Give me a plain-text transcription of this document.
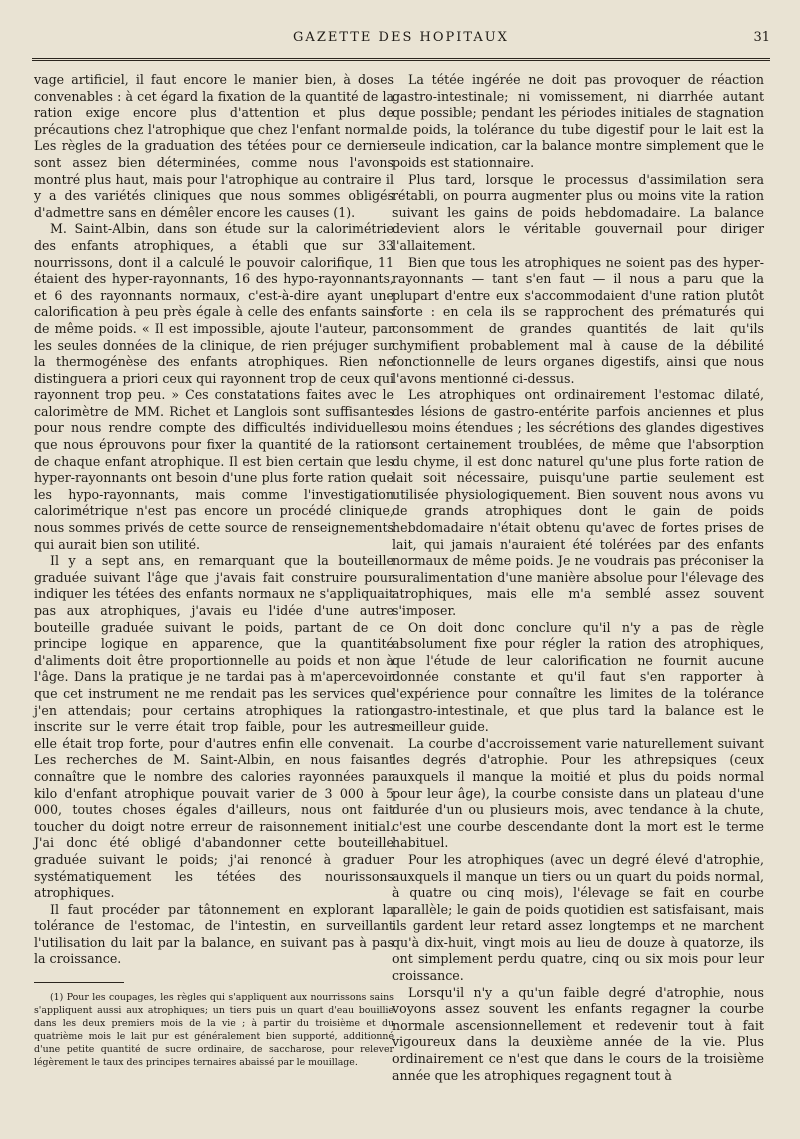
GAZETTE DES HOPITAUX	31

vage artificiel, il faut encore le manier bien, à doses convenables : à cet égard la fixation de la quantité de la ration exige encore plus d'attention et plus de précautions chez l'atrophique que chez l'enfant normal. Les règles de la graduation des tétées pour ce dernier sont assez bien déterminées, comme nous l'avons montré plus haut, mais pour l'atrophique au contraire il y a des variétés cliniques que nous sommes obligés d'admettre sans en démêler encore les causes (1).

M. Saint-Albin, dans son étude sur la calorimétrie des enfants atrophiques, a établi que sur 33 nourrissons, dont il a calculé le pouvoir calorifique, 11 étaient des hyper-rayonnants, 16 des hypo-rayonnants, et 6 des rayonnants normaux, c'est-à-dire ayant une calorification à peu près égale à celle des enfants sains de même poids. « Il est impossible, ajoute l'auteur, par les seules données de la clinique, de rien préjuger sur la thermogénèse des enfants atrophiques. Rien ne distinguera a priori ceux qui rayonnent trop de ceux qui rayonnent trop peu. » Ces constatations faites avec le calorimètre de MM. Richet et Langlois sont suffisantes pour nous rendre compte des difficultés individuelles que nous éprouvons pour fixer la quantité de la ration de chaque enfant atrophique. Il est bien certain que les hyper-rayonnants ont besoin d'une plus forte ration que les hypo-rayonnants, mais comme l'investigation calorimétrique n'est pas encore un procédé clinique, nous sommes privés de cette source de renseignements qui aurait bien son utilité.

Il y a sept ans, en remarquant que la bouteille graduée suivant l'âge que j'avais fait construire pour indiquer les tétées des enfants normaux ne s'appliquait pas aux atrophiques, j'avais eu l'idée d'une autre bouteille graduée suivant le poids, partant de ce principe logique en apparence, que la quantité d'aliments doit être proportionnelle au poids et non à l'âge. Dans la pratique je ne tardai pas à m'apercevoir que cet instrument ne me rendait pas les services que j'en attendais; pour certains atrophiques la ration inscrite sur le verre était trop faible, pour les autres elle était trop forte, pour d'autres enfin elle convenait. Les recherches de M. Saint-Albin, en nous faisant connaître que le nombre des calories rayonnées par kilo d'enfant atrophique pouvait varier de 3 000 à 5 000, toutes choses égales d'ailleurs, nous ont fait toucher du doigt notre erreur de raisonnement initial. J'ai donc été obligé d'abandonner cette bouteille graduée suivant le poids; j'ai renoncé à graduer systématiquement les tétées des nourissons atrophiques.

Il faut procéder par tâtonnement en explorant la tolérance de l'estomac, de l'intestin, en surveillant l'utilisation du lait par la balance, en suivant pas à pas la croissance.

(1) Pour les coupages, les règles qui s'appliquent aux nourrissons sains s'appliquent aussi aux atrophiques; un tiers puis un quart d'eau bouillie dans les deux premiers mois de la vie ; à partir du troisième et du quatrième mois le lait pur est généralement bien supporté, additionné d'une petite quantité de sucre ordinaire, de saccharose, pour relever légèrement le taux des principes ternaires abaissé par le mouillage.

La tétée ingérée ne doit pas provoquer de réaction gastro-intestinale; ni vomissement, ni diarrhée autant que possible; pendant les périodes initiales de stagnation de poids, la tolérance du tube digestif pour le lait est la seule indication, car la balance montre simplement que le poids est stationnaire.

Plus tard, lorsque le processus d'assimilation sera rétabli, on pourra augmenter plus ou moins vite la ration suivant les gains de poids hebdomadaire. La balance devient alors le véritable gouvernail pour diriger l'allaitement.

Bien que tous les atrophiques ne soient pas des hyper-rayonnants — tant s'en faut — il nous a paru que la plupart d'entre eux s'accommodaient d'une ration plutôt forte : en cela ils se rapprochent des prématurés qui consomment de grandes quantités de lait qu'ils chymifient probablement mal à cause de la débilité fonctionnelle de leurs organes digestifs, ainsi que nous l'avons mentionné ci-dessus.

Les atrophiques ont ordinairement l'estomac dilaté, des lésions de gastro-entérite parfois anciennes et plus ou moins étendues ; les sécrétions des glandes digestives sont certainement troublées, de même que l'absorption du chyme, il est donc naturel qu'une plus forte ration de lait soit nécessaire, puisqu'une partie seulement est utilisée physiologiquement. Bien souvent nous avons vu de grands atrophiques dont le gain de poids hebdomadaire n'était obtenu qu'avec de fortes prises de lait, qui jamais n'auraient été tolérées par des enfants normaux de même poids. Je ne voudrais pas préconiser la suralimentation d'une manière absolue pour l'élevage des atrophiques, mais elle m'a semblé assez souvent s'imposer.

On doit donc conclure qu'il n'y a pas de règle absolument fixe pour régler la ration des atrophiques, que l'étude de leur calorification ne fournit aucune donnée constante et qu'il faut s'en rapporter à l'expérience pour connaître les limites de la tolérance gastro-intestinale, et que plus tard la balance est le meilleur guide.

La courbe d'accroissement varie naturellement suivant les degrés d'atrophie. Pour les athrepsiques (ceux auxquels il manque la moitié et plus du poids normal pour leur âge), la courbe consiste dans un plateau d'une durée d'un ou plusieurs mois, avec tendance à la chute, c'est une courbe descendante dont la mort est le terme habituel.

Pour les atrophiques (avec un degré élevé d'atrophie, auxquels il manque un tiers ou un quart du poids normal, à quatre ou cinq mois), l'élevage se fait en courbe parallèle; le gain de poids quotidien est satisfaisant, mais ils gardent leur retard assez longtemps et ne marchent qu'à dix-huit, vingt mois au lieu de douze à quatorze, ils ont simplement perdu quatre, cinq ou six mois pour leur croissance.

Lorsqu'il n'y a qu'un faible degré d'atrophie, nous voyons assez souvent les enfants regagner la courbe normale ascensionnellement et redevenir tout à fait vigoureux dans la deuxième année de la vie. Plus ordinairement ce n'est que dans le cours de la troisième année que les atrophiques regagnent tout à
